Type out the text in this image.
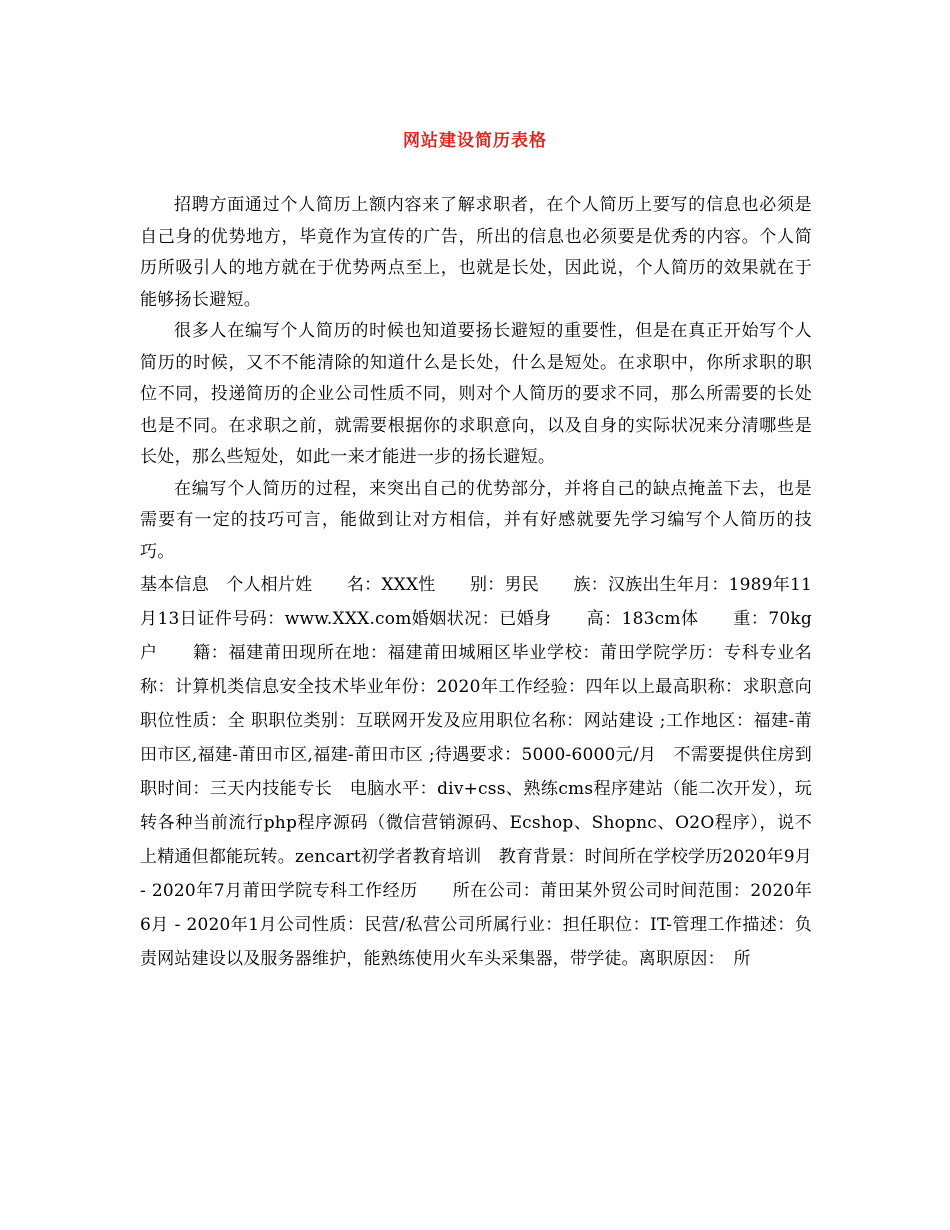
网站建设简历表格

招聘方面通过个人简历上额内容来了解求职者，在个人简历上要写的信息也必须是自己身的优势地方，毕竟作为宣传的广告，所出的信息也必须要是优秀的内容。个人简历所吸引人的地方就在于优势两点至上，也就是长处，因此说，个人简历的效果就在于能够扬长避短。

很多人在编写个人简历的时候也知道要扬长避短的重要性，但是在真正开始写个人简历的时候，又不不能清除的知道什么是长处，什么是短处。在求职中，你所求职的职位不同，投递简历的企业公司性质不同，则对个人简历的要求不同，那么所需要的长处也是不同。在求职之前，就需要根据你的求职意向，以及自身的实际状况来分清哪些是长处，那么些短处，如此一来才能进一步的扬长避短。

在编写个人简历的过程，来突出自己的优势部分，并将自己的缺点掩盖下去，也是需要有一定的技巧可言，能做到让对方相信，并有好感就要先学习编写个人简历的技巧。

基本信息　个人相片姓　　名：XXX性　　别：男民　　族：汉族出生年月：1989年11月13日证件号码：www.XXX.com婚姻状况：已婚身　　高：183cm体　　重：70kg户　　籍：福建莆田现所在地：福建莆田城厢区毕业学校：莆田学院学历：专科专业名称：计算机类信息安全技术毕业年份：2020年工作经验：四年以上最高职称：求职意向　职位性质：全 职职位类别：互联网开发及应用职位名称：网站建设 ;工作地区：福建-莆田市区,福建-莆田市区,福建-莆田市区 ;待遇要求：5000-6000元/月　不需要提供住房到职时间：三天内技能专长　电脑水平：div+css、熟练cms程序建站（能二次开发），玩转各种当前流行php程序源码（微信营销源码、Ecshop、Shopnc、O2O程序），说不上精通但都能玩转。zencart初学者教育培训　教育背景：时间所在学校学历2020年9月 - 2020年7月莆田学院专科工作经历　　所在公司：莆田某外贸公司时间范围：2020年6月 - 2020年1月公司性质：民营/私营公司所属行业：担任职位：IT-管理工作描述：负责网站建设以及服务器维护，能熟练使用火车头采集器，带学徒。离职原因：　所
